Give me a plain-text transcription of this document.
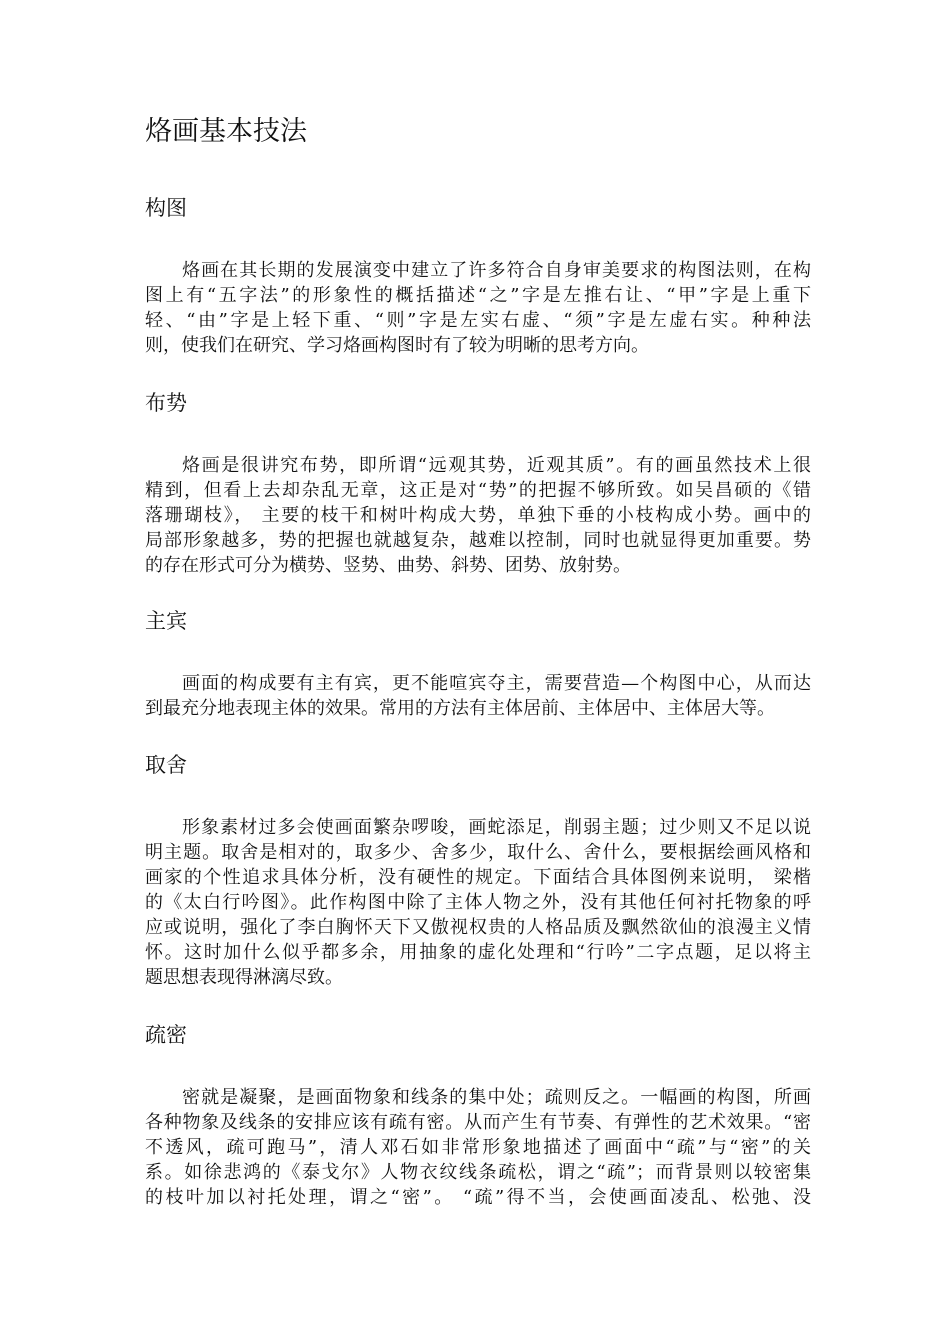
烙画基本技法
构图
烙画在其长期的发展演变中建立了许多符合自身审美要求的构图法则，在构
图上有“五字法”的形象性的概括描述“之”字是左推右让、“甲”字是上重下
轻、“由”字是上轻下重、“则”字是左实右虚、“须”字是左虚右实。种种法
则，使我们在研究、学习烙画构图时有了较为明晰的思考方向。
布势
烙画是很讲究布势，即所谓“远观其势，近观其质”。有的画虽然技术上很
精到，但看上去却杂乱无章，这正是对“势”的把握不够所致。如吴昌硕的《错
落珊瑚枝》， 主要的枝干和树叶构成大势，单独下垂的小枝构成小势。画中的
局部形象越多，势的把握也就越复杂，越难以控制，同时也就显得更加重要。势
的存在形式可分为横势、竖势、曲势、斜势、团势、放射势。
主宾
画面的构成要有主有宾，更不能喧宾夺主，需要营造—个构图中心，从而达
到最充分地表现主体的效果。常用的方法有主体居前、主体居中、主体居大等。
取舍
形象素材过多会使画面繁杂啰唆，画蛇添足，削弱主题；过少则又不足以说
明主题。取舍是相对的，取多少、舍多少，取什么、舍什么，要根据绘画风格和
画家的个性追求具体分析，没有硬性的规定。下面结合具体图例来说明， 梁楷
的《太白行吟图》。此作构图中除了主体人物之外，没有其他任何衬托物象的呼
应或说明，强化了李白胸怀天下又傲视权贵的人格品质及飘然欲仙的浪漫主义情
怀。这时加什么似乎都多余，用抽象的虚化处理和“行吟”二字点题，足以将主
题思想表现得淋漓尽致。
疏密
密就是凝聚，是画面物象和线条的集中处；疏则反之。一幅画的构图，所画
各种物象及线条的安排应该有疏有密。从而产生有节奏、有弹性的艺术效果。“密
不透风，疏可跑马”，清人邓石如非常形象地描述了画面中“疏”与“密”的关
系。如徐悲鸿的《泰戈尔》人物衣纹线条疏松，谓之“疏”；而背景则以较密集
的枝叶加以衬托处理，谓之“密”。 “疏”得不当，会使画面凌乱、松弛、没
